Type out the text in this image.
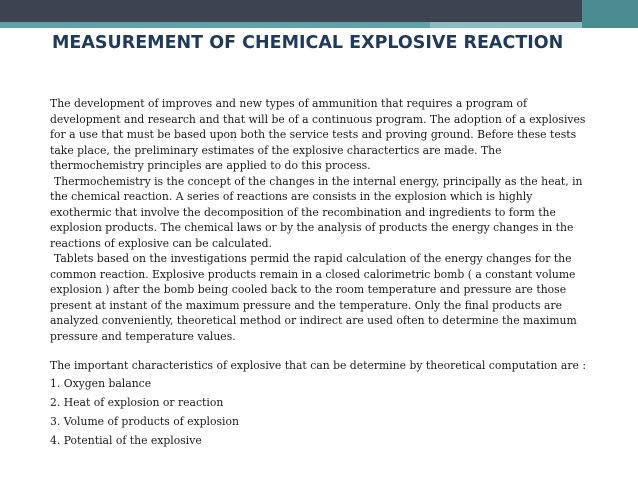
MEASUREMENT OF CHEMICAL EXPLOSIVE REACTION

The development of improves and new types of ammunition that requires a program of development and research and that will be of a continuous program. The adoption of a explosives for a use that must be based upon both the service tests and proving ground. Before these tests take place, the preliminary estimates of the explosive charactertics are made. The thermochemistry principles are applied to do this process.

Thermochemistry is the concept of the changes in the internal energy, principally as the heat, in the chemical reaction. A series of reactions are consists in the explosion which is highly exothermic that involve the decomposition of the recombination and ingredients to form the explosion products. The chemical laws or by the analysis of products the energy changes in the reactions of explosive can be calculated.

Tablets based on the investigations permid the rapid calculation of the energy changes for the common reaction. Explosive products remain in a closed calorimetric bomb ( a constant volume explosion ) after the bomb being cooled back to the room temperature and pressure are those present at instant of the maximum pressure and the temperature. Only the final products are analyzed conveniently, theoretical method or indirect are used often to determine the maximum pressure and temperature values.

The important characteristics of explosive that can be determine by theoretical computation are :

1. Oxygen balance

2. Heat of explosion or reaction

3. Volume of products of explosion

4. Potential of the explosive
